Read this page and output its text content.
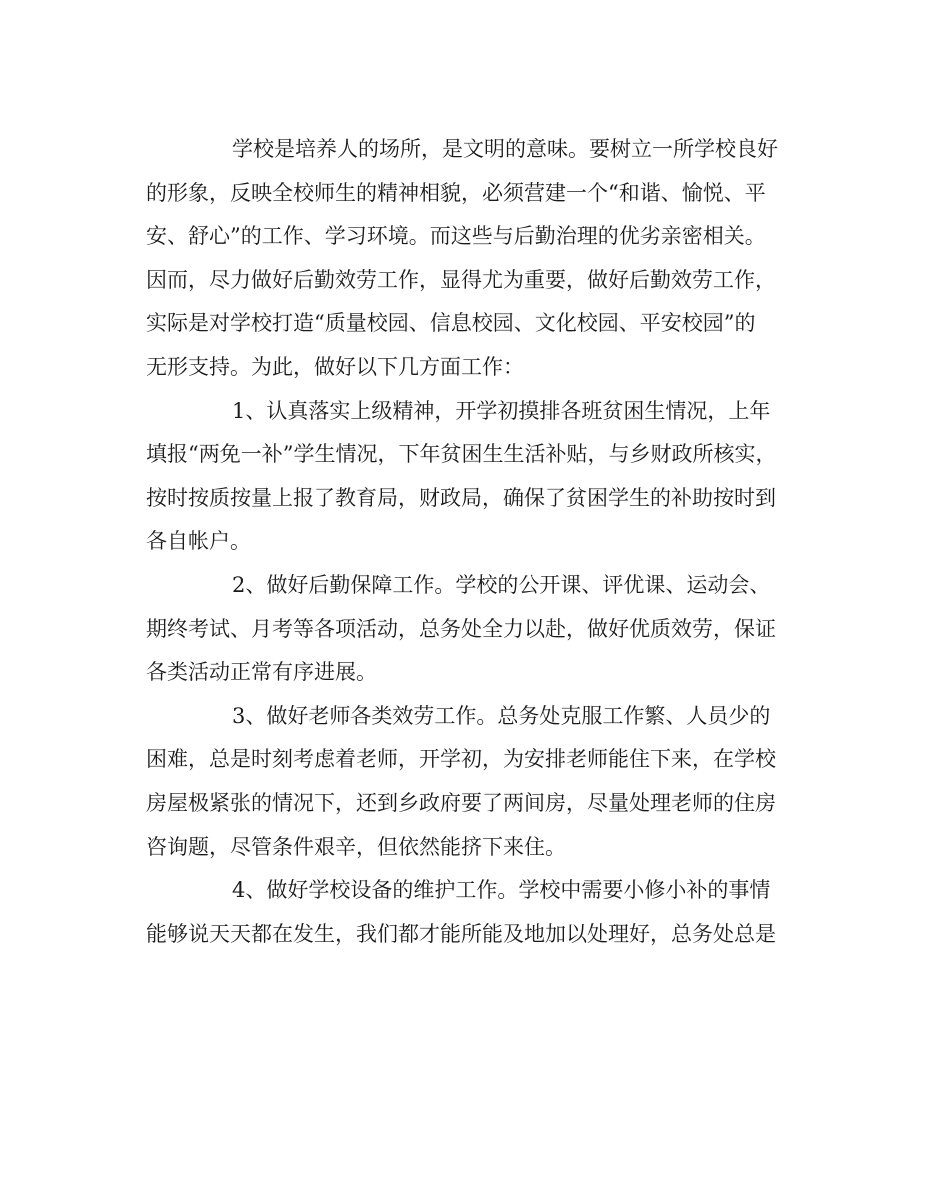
学校是培养人的场所，是文明的意味。要树立一所学校良好
的形象，反映全校师生的精神相貌，必须营建一个“和谐、愉悦、平
安、舒心”的工作、学习环境。而这些与后勤治理的优劣亲密相关。
因而，尽力做好后勤效劳工作，显得尤为重要，做好后勤效劳工作，
实际是对学校打造“质量校园、信息校园、文化校园、平安校园”的
无形支持。为此，做好以下几方面工作：
1、认真落实上级精神，开学初摸排各班贫困生情况，上年
填报“两免一补”学生情况，下年贫困生生活补贴，与乡财政所核实，
按时按质按量上报了教育局，财政局，确保了贫困学生的补助按时到
各自帐户。
2、做好后勤保障工作。学校的公开课、评优课、运动会、
期终考试、月考等各项活动，总务处全力以赴，做好优质效劳，保证
各类活动正常有序进展。
3、做好老师各类效劳工作。总务处克服工作繁、人员少的
困难，总是时刻考虑着老师，开学初，为安排老师能住下来，在学校
房屋极紧张的情况下，还到乡政府要了两间房，尽量处理老师的住房
咨询题，尽管条件艰辛，但依然能挤下来住。
4、做好学校设备的维护工作。学校中需要小修小补的事情
能够说天天都在发生，我们都才能所能及地加以处理好，总务处总是
